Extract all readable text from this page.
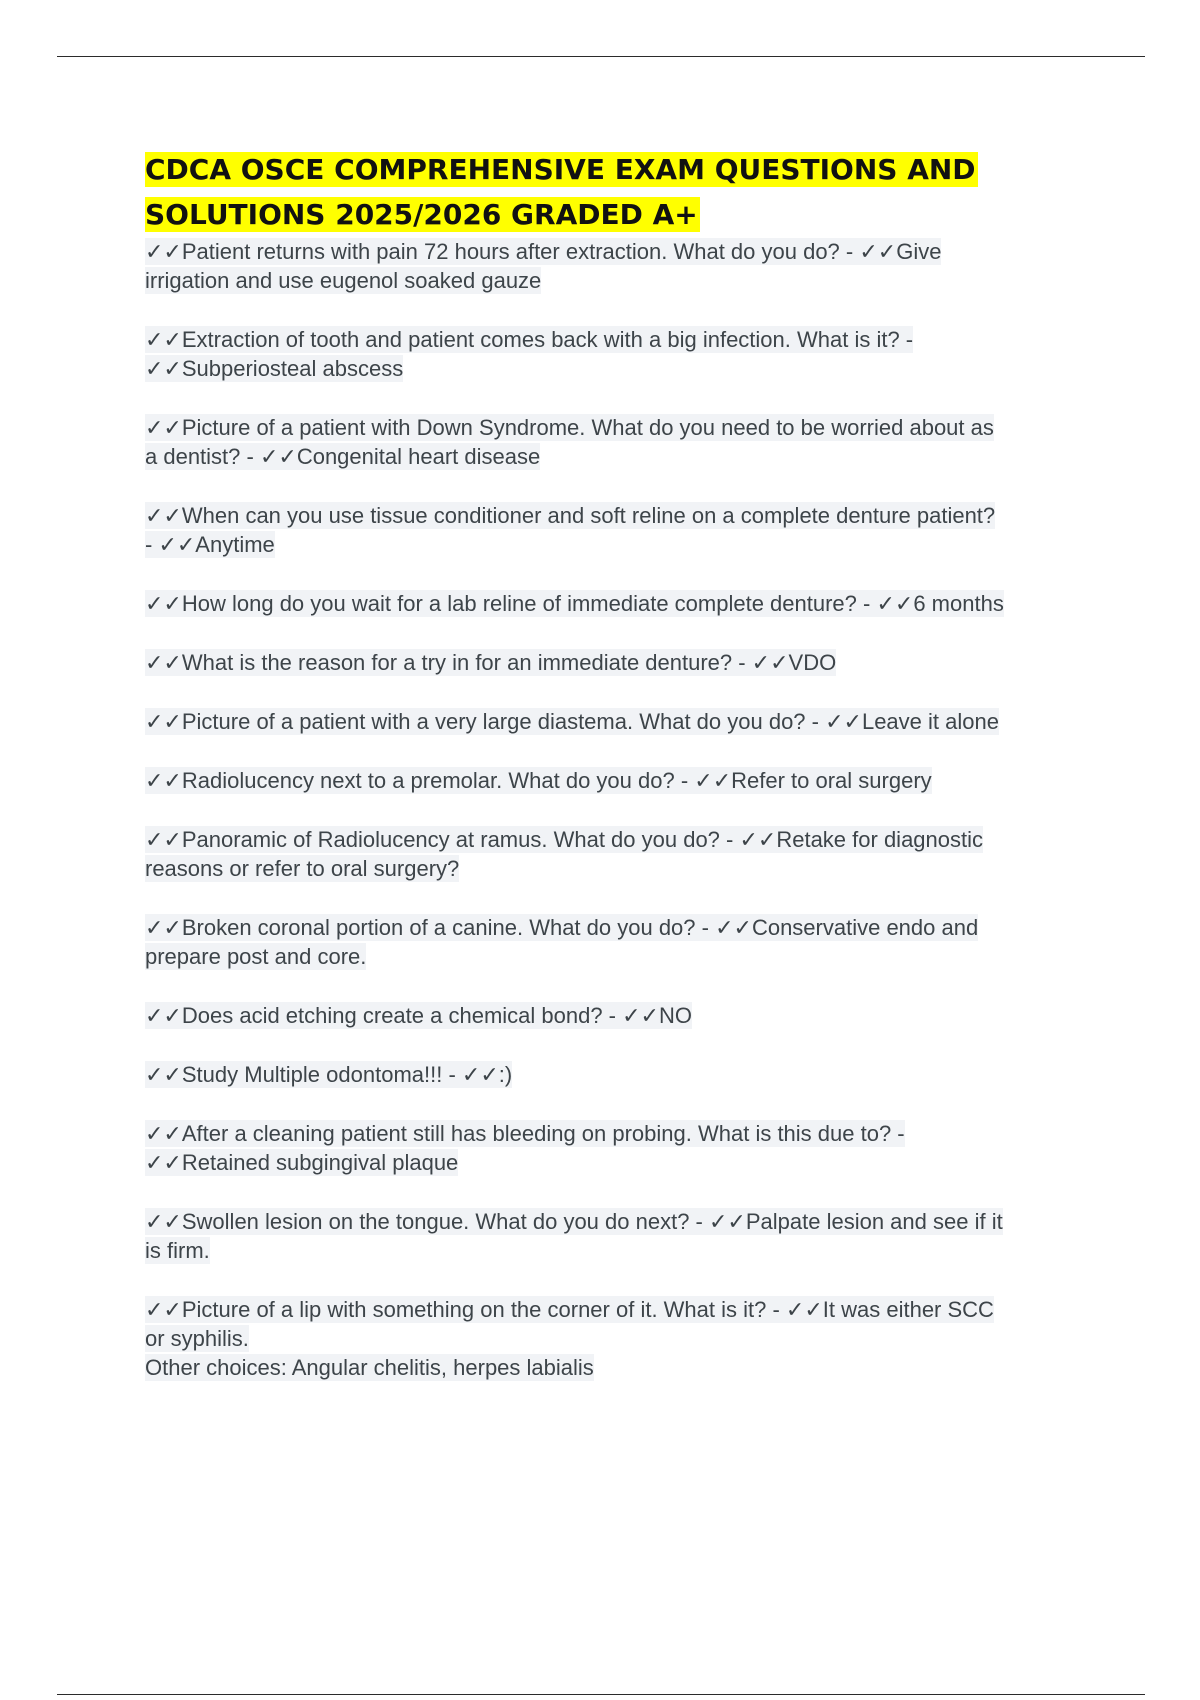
CDCA OSCE COMPREHENSIVE EXAM QUESTIONS AND
SOLUTIONS 2025/2026 GRADED A+

✓✓Patient returns with pain 72 hours after extraction. What do you do? - ✓✓Give
irrigation and use eugenol soaked gauze

✓✓Extraction of tooth and patient comes back with a big infection. What is it? -
✓✓Subperiosteal abscess

✓✓Picture of a patient with Down Syndrome. What do you need to be worried about as
a dentist? - ✓✓Congenital heart disease

✓✓When can you use tissue conditioner and soft reline on a complete denture patient?
- ✓✓Anytime

✓✓How long do you wait for a lab reline of immediate complete denture? - ✓✓6 months

✓✓What is the reason for a try in for an immediate denture? - ✓✓VDO

✓✓Picture of a patient with a very large diastema. What do you do? - ✓✓Leave it alone

✓✓Radiolucency next to a premolar. What do you do? - ✓✓Refer to oral surgery

✓✓Panoramic of Radiolucency at ramus. What do you do? - ✓✓Retake for diagnostic
reasons or refer to oral surgery?

✓✓Broken coronal portion of a canine. What do you do? - ✓✓Conservative endo and
prepare post and core.

✓✓Does acid etching create a chemical bond? - ✓✓NO

✓✓Study Multiple odontoma!!! - ✓✓:)

✓✓After a cleaning patient still has bleeding on probing. What is this due to? -
✓✓Retained subgingival plaque

✓✓Swollen lesion on the tongue. What do you do next? - ✓✓Palpate lesion and see if it
is firm.

✓✓Picture of a lip with something on the corner of it. What is it? - ✓✓It was either SCC
or syphilis.
Other choices: Angular chelitis, herpes labialis
